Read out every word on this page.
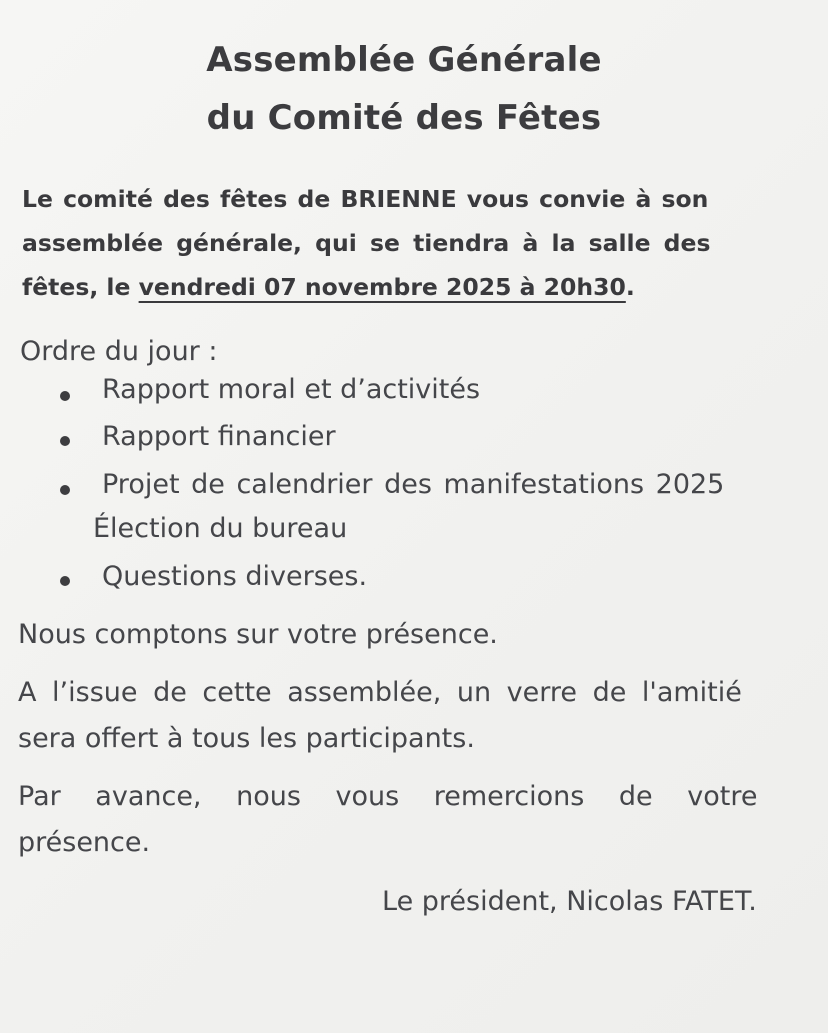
Assemblée Générale
du Comité des Fêtes
Le comité des fêtes de BRIENNE vous convie à son
assemblée générale, qui se tiendra à la salle des
fêtes, le vendredi 07 novembre 2025 à 20h30.
Ordre du jour :
Rapport moral et d’activités
Rapport financier
Projet de calendrier des manifestations 2025
Élection du bureau
Questions diverses.
Nous comptons sur votre présence.
A l’issue de cette assemblée, un verre de l'amitié
sera offert à tous les participants.
Par avance, nous vous remercions de votre
présence.
Le président, Nicolas FATET.
